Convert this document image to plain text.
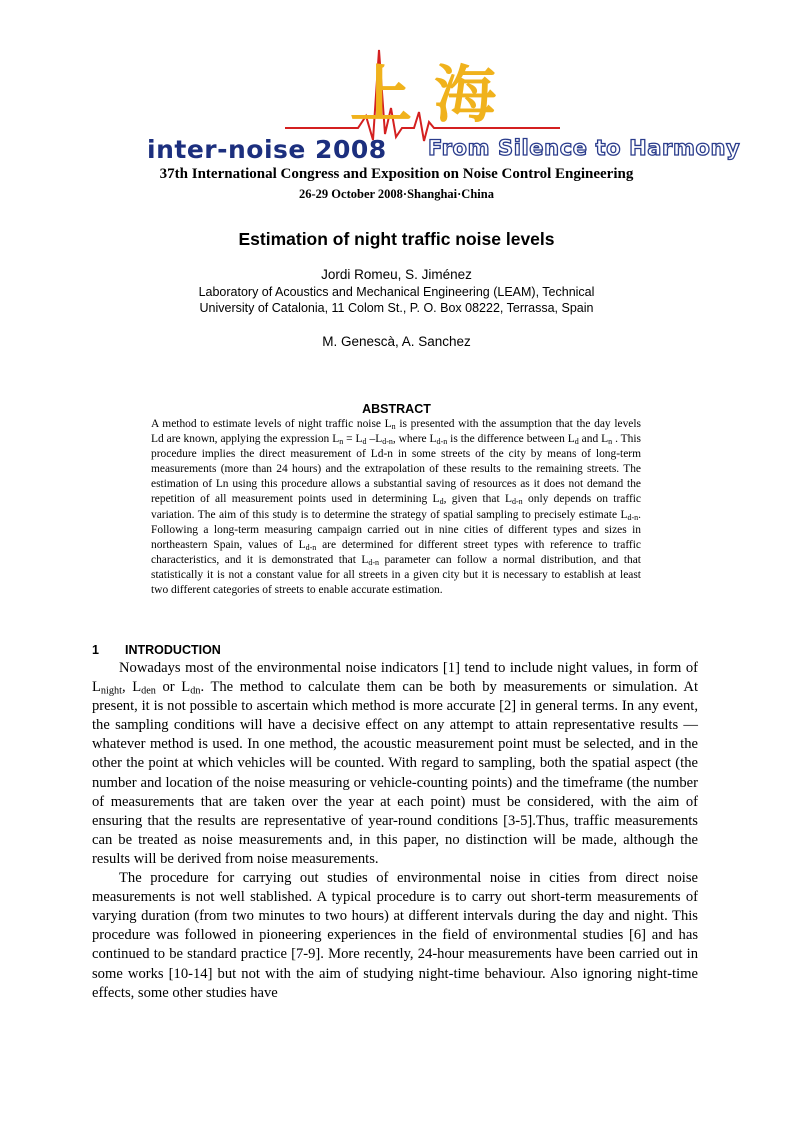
上海
inter-noise 2008 From Silence to Harmony
37th International Congress and Exposition on Noise Control Engineering
26-29 October 2008·Shanghai·China
Estimation of night traffic noise levels
Jordi Romeu, S. Jiménez
Laboratory of Acoustics and Mechanical Engineering (LEAM), Technical
University of Catalonia, 11 Colom St., P. O. Box 08222, Terrassa, Spain
M. Genescà, A. Sanchez
ABSTRACT
A method to estimate levels of night traffic noise $L_n$ is presented with the assumption that the day levels Ld are known, applying the expression $L_n = L_d$ $-L_{d-n}$, where $L_{d-n}$ is the difference between $L_d$ and $L_n$ . This procedure implies the direct measurement of Ld-n in some streets of the city by means of long-term measurements (more than 24 hours) and the extrapolation of these results to the remaining streets. The estimation of Ln using this procedure allows a substantial saving of resources as it does not demand the repetition of all measurement points used in determining $L_d$, given that $L_{d-n}$ only depends on traffic variation. The aim of this study is to determine the strategy of spatial sampling to precisely estimate $L_{d-n}$. Following a long-term measuring campaign carried out in nine cities of different types and sizes in northeastern Spain, values of $L_{d-n}$ are determined for different street types with reference to traffic characteristics, and it is demonstrated that $L_{d-n}$ parameter can follow a normal distribution, and that statistically it is not a constant value for all streets in a given city but it is necessary to establish at least two different categories of streets to enable accurate estimation.
1 INTRODUCTION

Nowadays most of the environmental noise indicators [1] tend to include night values, in form of $L_{night}$, $L_{den}$ or $L_{dn}$. The method to calculate them can be both by measurements or simulation. At present, it is not possible to ascertain which method is more accurate [2] in general terms. In any event, the sampling conditions will have a decisive effect on any attempt to attain representative results —whatever method is used. In one method, the acoustic measurement point must be selected, and in the other the point at which vehicles will be counted. With regard to sampling, both the spatial aspect (the number and location of the noise measuring or vehicle-counting points) and the timeframe (the number of measurements that are taken over the year at each point) must be considered, with the aim of ensuring that the results are representative of year-round conditions [3-5].Thus, traffic measurements can be treated as noise measurements and, in this paper, no distinction will be made, although the results will be derived from noise measurements.

The procedure for carrying out studies of environmental noise in cities from direct noise measurements is not well stablished. A typical procedure is to carry out short-term measurements of varying duration (from two minutes to two hours) at different intervals during the day and night. This procedure was followed in pioneering experiences in the field of environmental studies [6] and has continued to be standard practice [7-9]. More recently, 24-hour measurements have been carried out in some works [10-14] but not with the aim of studying night-time behaviour. Also ignoring night-time effects, some other studies have
